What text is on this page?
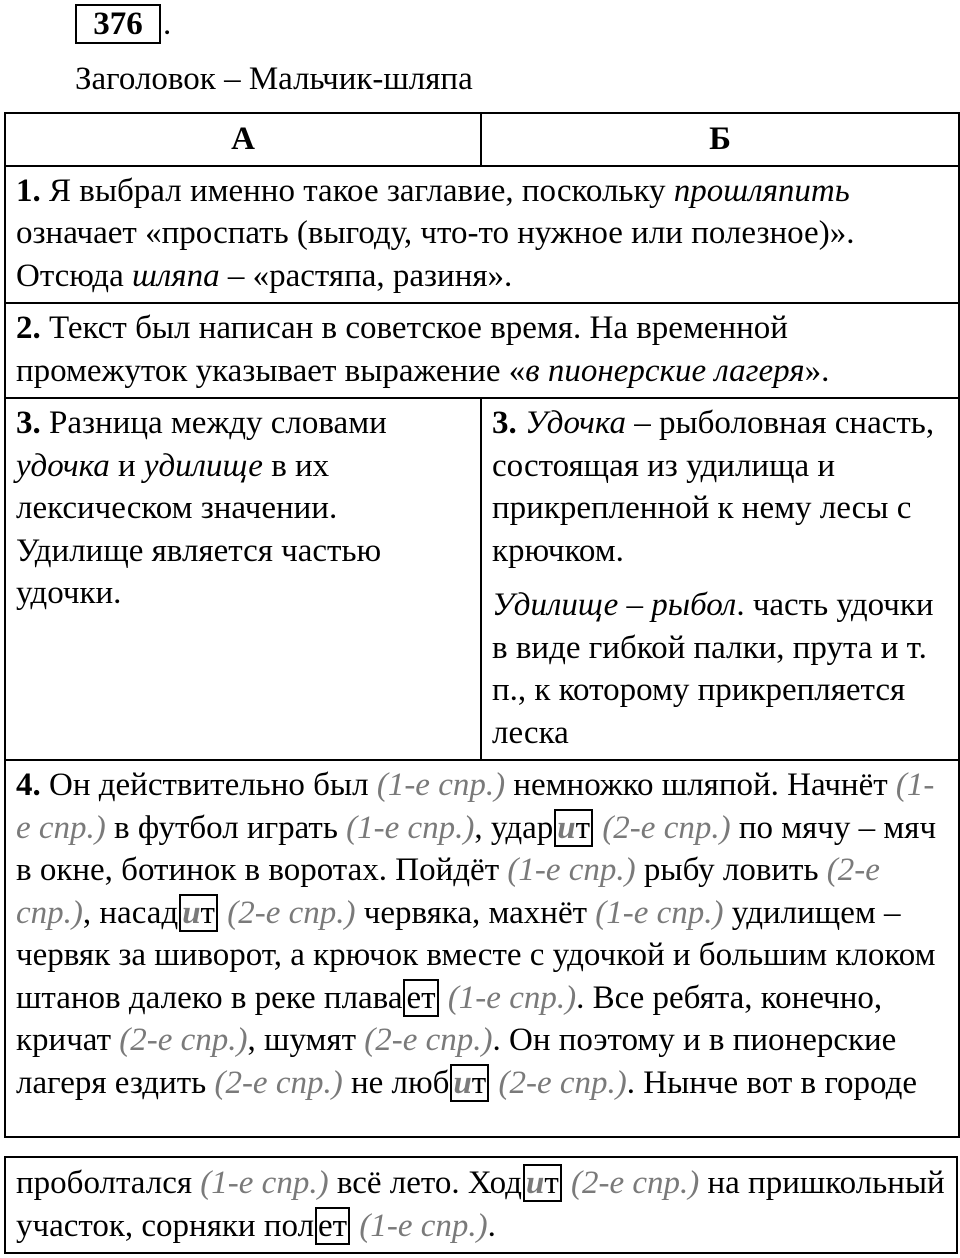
376 .
Заголовок – Мальчик-шляпа
А	Б
1. Я выбрал именно такое заглавие, поскольку прошляпить означает «проспать (выгоду, что-то нужное или полезное)». Отсюда шляпа – «растяпа, разиня».	
2. Текст был написан в советское время. На временной промежуток указывает выражение «в пионерские лагеря».	
3. Разница между словами удочка и удилище в их лексическом значении. Удилище является частью удочки.	3. Удочка – рыболовная снасть, состоящая из удилища и прикрепленной к нему лесы с крючком.

Удилище – рыбол. часть удочки в виде гибкой палки, прута и т. п., к которому прикрепляется леска

4. Он действительно был (1-е спр.) немножко шляпой. Начнёт (1-е спр.) в футбол играть (1-е спр.), удар ит (2-е спр.) по мячу – мяч в окне, ботинок в воротах. Пойдёт (1-е спр.) рыбу ловить (2-е спр.), насад ит (2-е спр.) червяка, махнёт (1-е спр.) удилищем – червяк за шиворот, а крючок вместе с удочкой и большим клоком штанов далеко в реке плава ет (1-е спр.). Все ребята, конечно, кричат (2-е спр.), шумят (2-е спр.). Он поэтому и в пионерские лагеря ездить (2-е спр.) не люб ит (2-е спр.). Нынче вот в городе	
проболтался (1-е спр.) всё лето. Ход ит (2-е спр.) на пришкольный участок, сорняки пол ет (1-е спр.).
